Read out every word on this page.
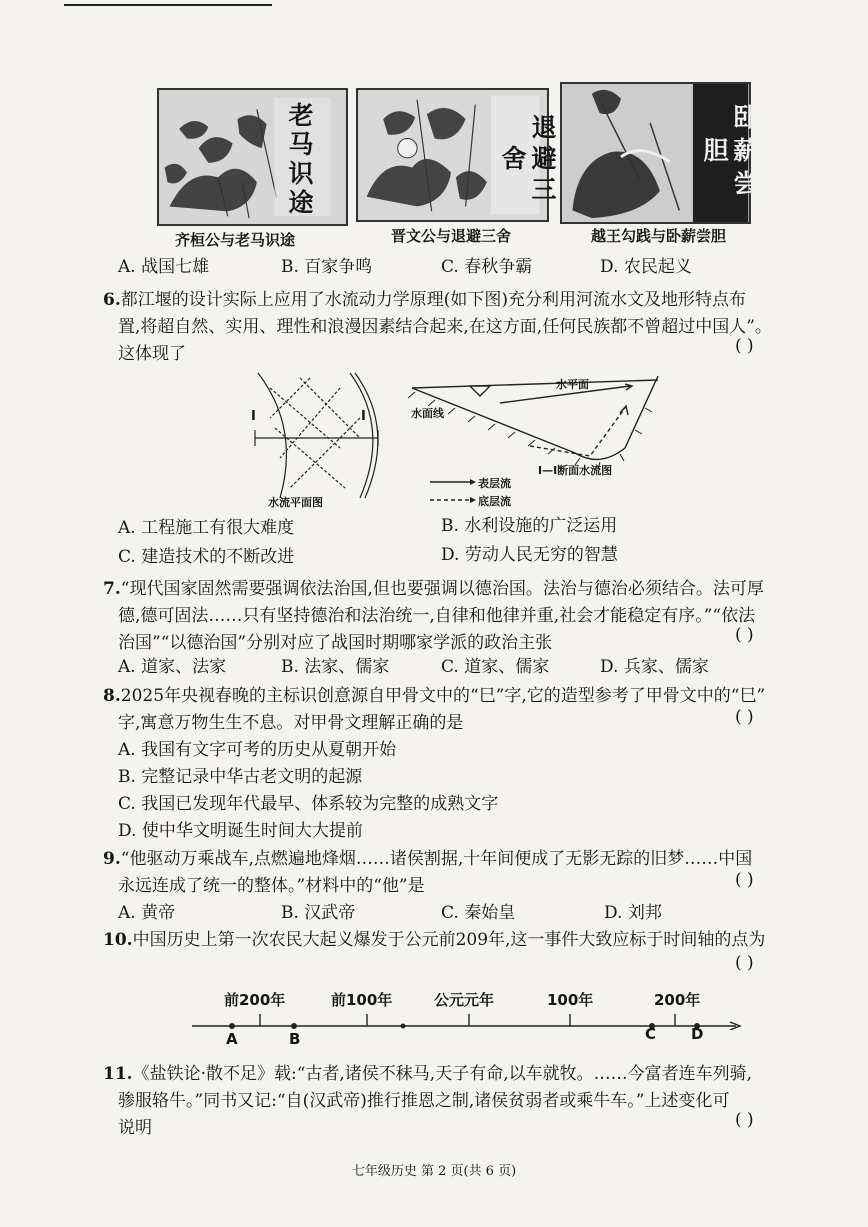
老马识途
齐桓公与老马识途
退避三舍
晋文公与退避三舍
卧薪尝胆
越王勾践与卧薪尝胆
A. 战国七雄	B. 百家争鸣	C. 春秋争霸	D. 农民起义
6.都江堰的设计实际上应用了水流动力学原理(如下图)充分利用河流水文及地形特点布
置,将超自然、实用、理性和浪漫因素结合起来,在这方面,任何民族都不曾超过中国人”。
这体现了	( )
水平面
水面线
Ⅰ	Ⅰ
Ⅰ—Ⅰ断面水流图
水流平面图
表层流
底层流
A. 工程施工有很大难度	B. 水利设施的广泛运用
C. 建造技术的不断改进	D. 劳动人民无穷的智慧
7.“现代国家固然需要强调依法治国,但也要强调以德治国。法治与德治必须结合。法可厚
德,德可固法……只有坚持德治和法治统一,自律和他律并重,社会才能稳定有序。”“依法
治国”“以德治国”分别对应了战国时期哪家学派的政治主张	( )
A. 道家、法家	B. 法家、儒家	C. 道家、儒家	D. 兵家、儒家
8.2025年央视春晚的主标识创意源自甲骨文中的“巳”字,它的造型参考了甲骨文中的“巳”
字,寓意万物生生不息。对甲骨文理解正确的是	( )
A. 我国有文字可考的历史从夏朝开始
B. 完整记录中华古老文明的起源
C. 我国已发现年代最早、体系较为完整的成熟文字
D. 使中华文明诞生时间大大提前
9.“他驱动万乘战车,点燃遍地烽烟……诸侯割据,十年间便成了无影无踪的旧梦……中国
永远连成了统一的整体。”材料中的“他”是	( )
A. 黄帝	B. 汉武帝	C. 秦始皇	D. 刘邦
10.中国历史上第一次农民大起义爆发于公元前209年,这一事件大致应标于时间轴的点为
( )
前200年	前100年	公元元年	100年	200年
A	B	C D
11.《盐铁论·散不足》载:“古者,诸侯不秣马,天子有命,以车就牧。……今富者连车列骑,
骖服辂牛。”同书又记:“自(汉武帝)推行推恩之制,诸侯贫弱者或乘牛车。”上述变化可
说明	( )
七年级历史 第 2 页(共 6 页)
